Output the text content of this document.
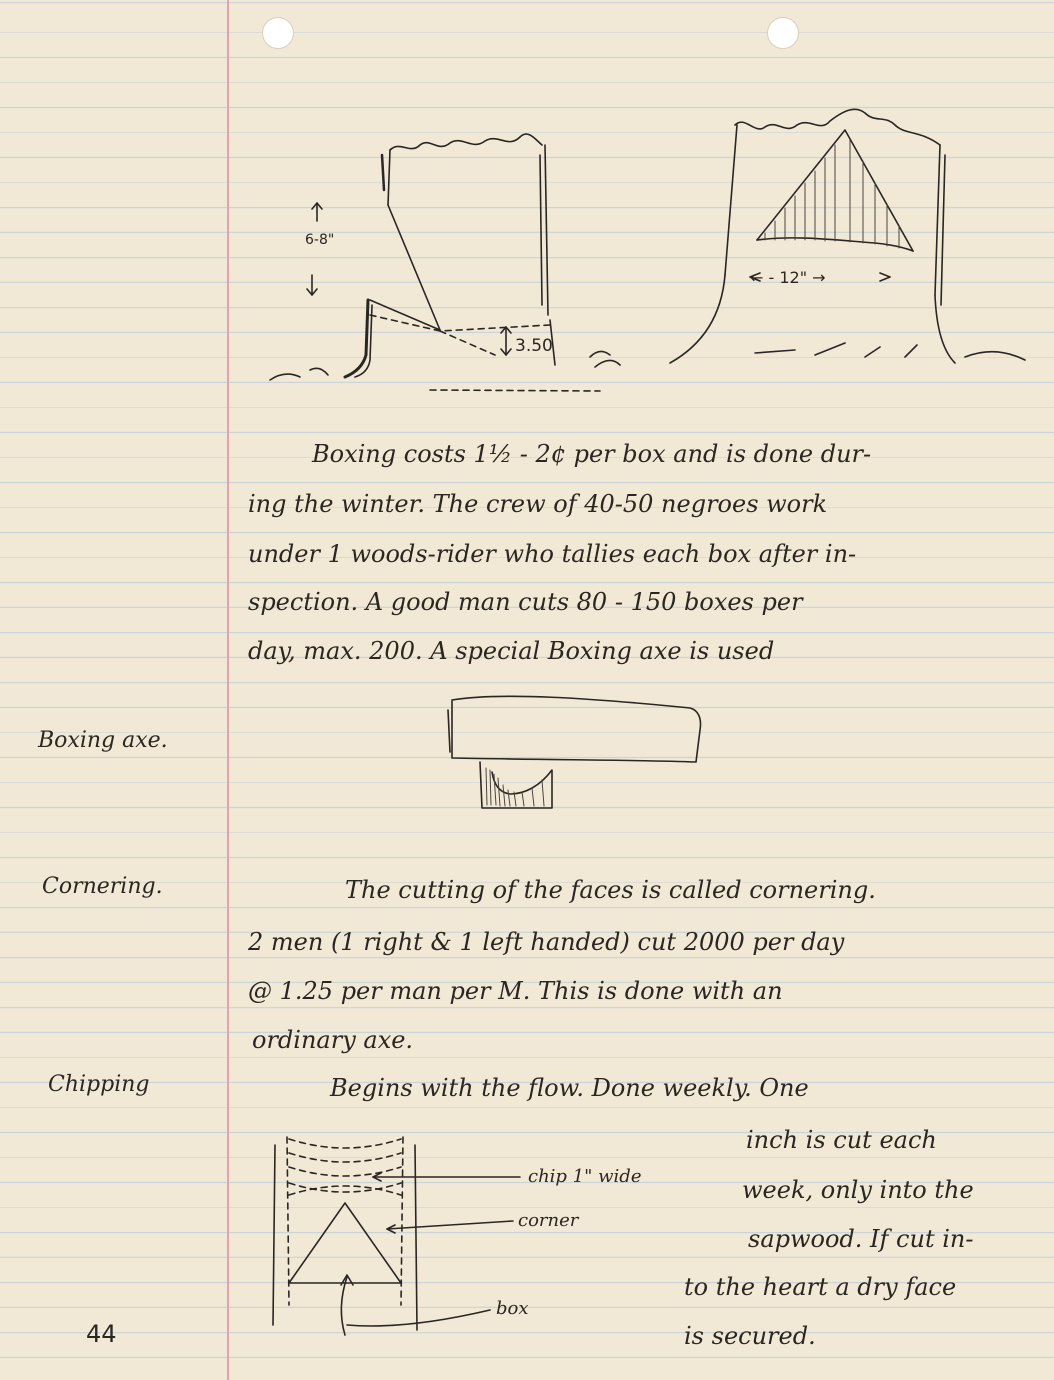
6-8"
3.50
← - 12" →
Boxing costs 1½ - 2¢ per box and is done dur-
ing the winter. The crew of 40-50 negroes work
under 1 woods-rider who tallies each box after in-
spection. A good man cuts 80 - 150 boxes per
day, max. 200. A special Boxing axe is used
Boxing axe.
Cornering.
Chipping
The cutting of the faces is called cornering.
2 men (1 right & 1 left handed) cut 2000 per day
@ 1.25 per man per M. This is done with an
ordinary axe.
Begins with the flow. Done weekly. One
inch is cut each
week, only into the
sapwood. If cut in-
to the heart a dry face
is secured.
chip 1" wide
corner
box
44
